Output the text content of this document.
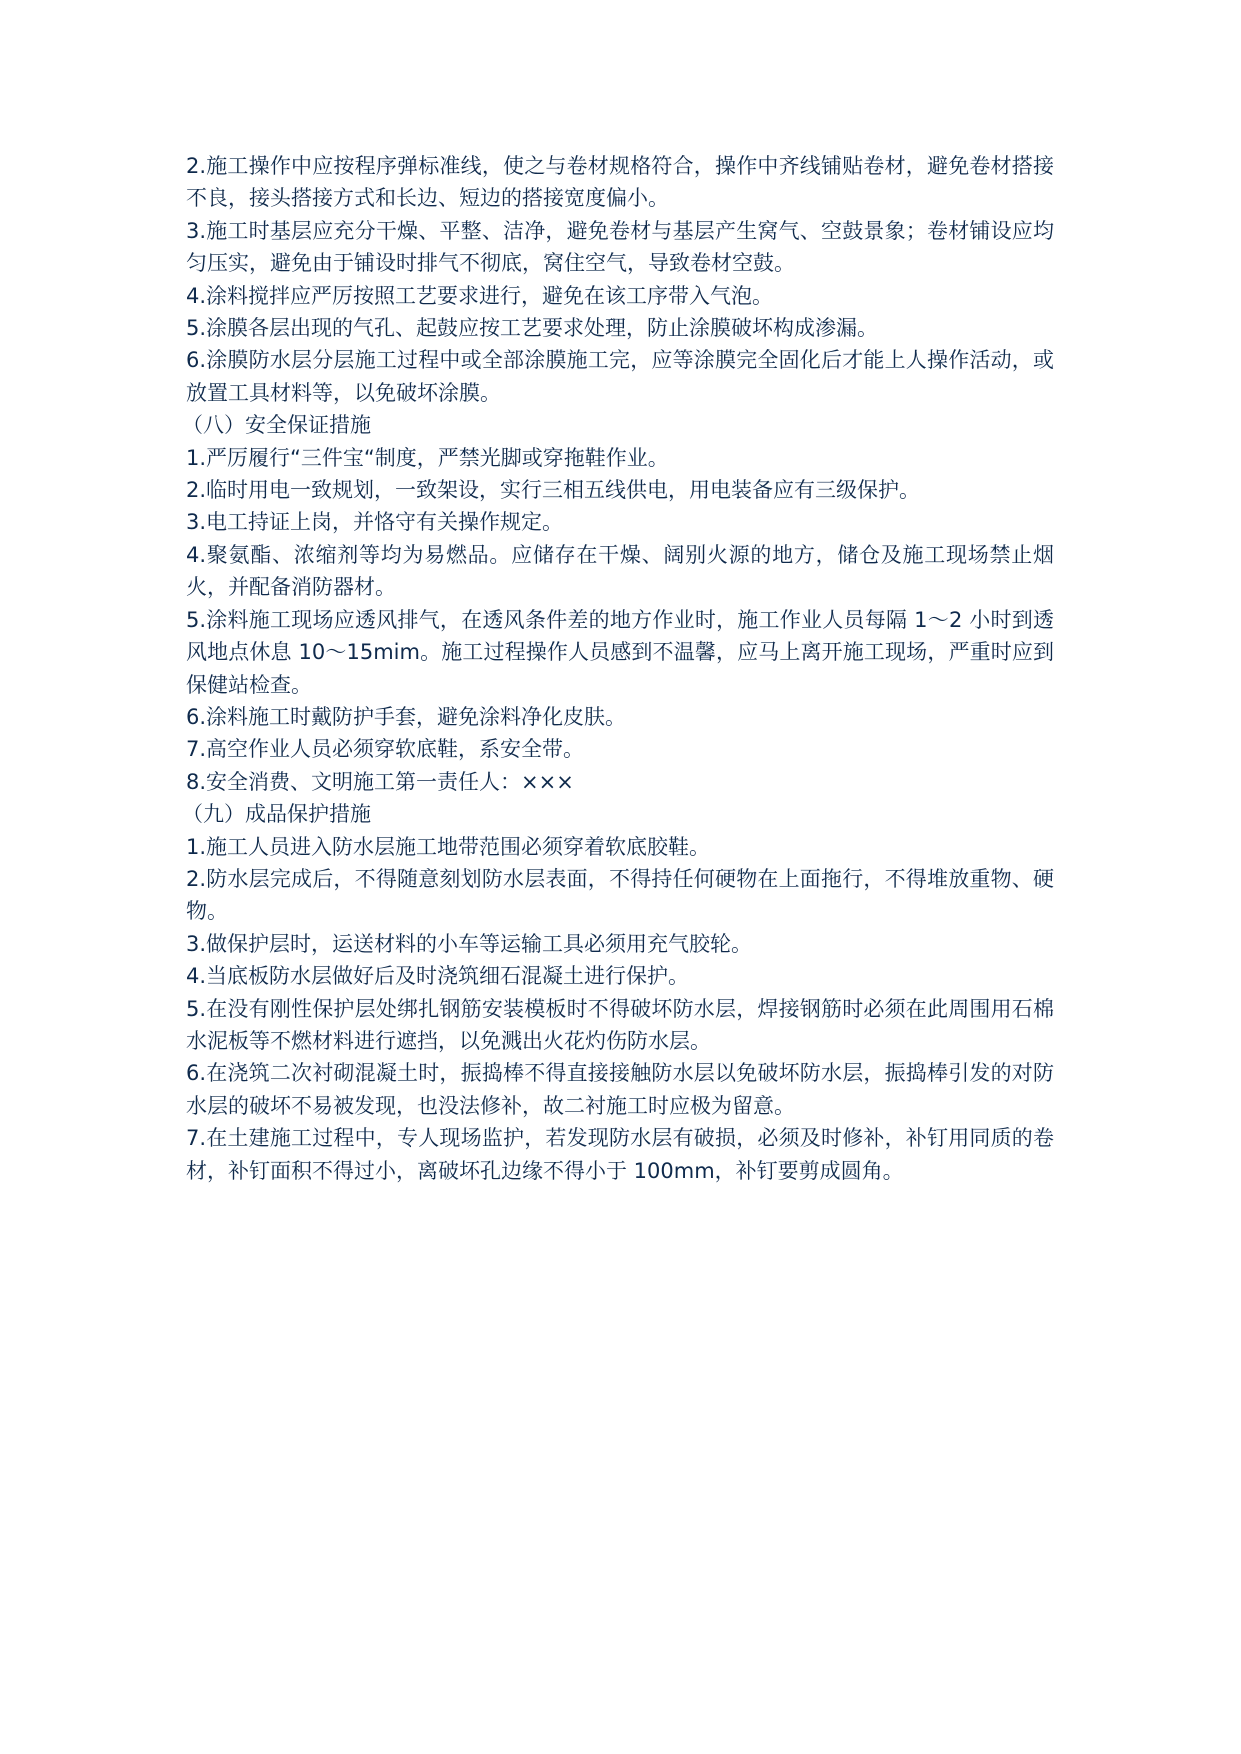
2.施工操作中应按程序弹标准线，使之与卷材规格符合，操作中齐线铺贴卷材，避免卷材搭接不良，接头搭接方式和长边、短边的搭接宽度偏小。

3.施工时基层应充分干燥、平整、洁净，避免卷材与基层产生窝气、空鼓景象；卷材铺设应均匀压实，避免由于铺设时排气不彻底，窝住空气，导致卷材空鼓。

4.涂料搅拌应严厉按照工艺要求进行，避免在该工序带入气泡。

5.涂膜各层出现的气孔、起鼓应按工艺要求处理，防止涂膜破坏构成渗漏。

6.涂膜防水层分层施工过程中或全部涂膜施工完，应等涂膜完全固化后才能上人操作活动，或放置工具材料等，以免破坏涂膜。

（八）安全保证措施

1.严厉履行“三件宝“制度，严禁光脚或穿拖鞋作业。

2.临时用电一致规划，一致架设，实行三相五线供电，用电装备应有三级保护。

3.电工持证上岗，并恪守有关操作规定。

4.聚氨酯、浓缩剂等均为易燃品。应储存在干燥、阔别火源的地方，储仓及施工现场禁止烟火，并配备消防器材。

5.涂料施工现场应透风排气，在透风条件差的地方作业时，施工作业人员每隔 1～2 小时到透风地点休息 10～15mim。施工过程操作人员感到不温馨，应马上离开施工现场，严重时应到保健站检查。

6.涂料施工时戴防护手套，避免涂料净化皮肤。

7.高空作业人员必须穿软底鞋，系安全带。

8.安全消费、文明施工第一责任人：×××

（九）成品保护措施

1.施工人员进入防水层施工地带范围必须穿着软底胶鞋。

2.防水层完成后，不得随意刻划防水层表面，不得持任何硬物在上面拖行，不得堆放重物、硬物。

3.做保护层时，运送材料的小车等运输工具必须用充气胶轮。

4.当底板防水层做好后及时浇筑细石混凝土进行保护。

5.在没有刚性保护层处绑扎钢筋安装模板时不得破坏防水层，焊接钢筋时必须在此周围用石棉水泥板等不燃材料进行遮挡，以免溅出火花灼伤防水层。

6.在浇筑二次衬砌混凝土时，振捣棒不得直接接触防水层以免破坏防水层，振捣棒引发的对防水层的破坏不易被发现，也没法修补，故二衬施工时应极为留意。

7.在土建施工过程中，专人现场监护，若发现防水层有破损，必须及时修补，补钉用同质的卷材，补钉面积不得过小，离破坏孔边缘不得小于 100mm，补钉要剪成圆角。
